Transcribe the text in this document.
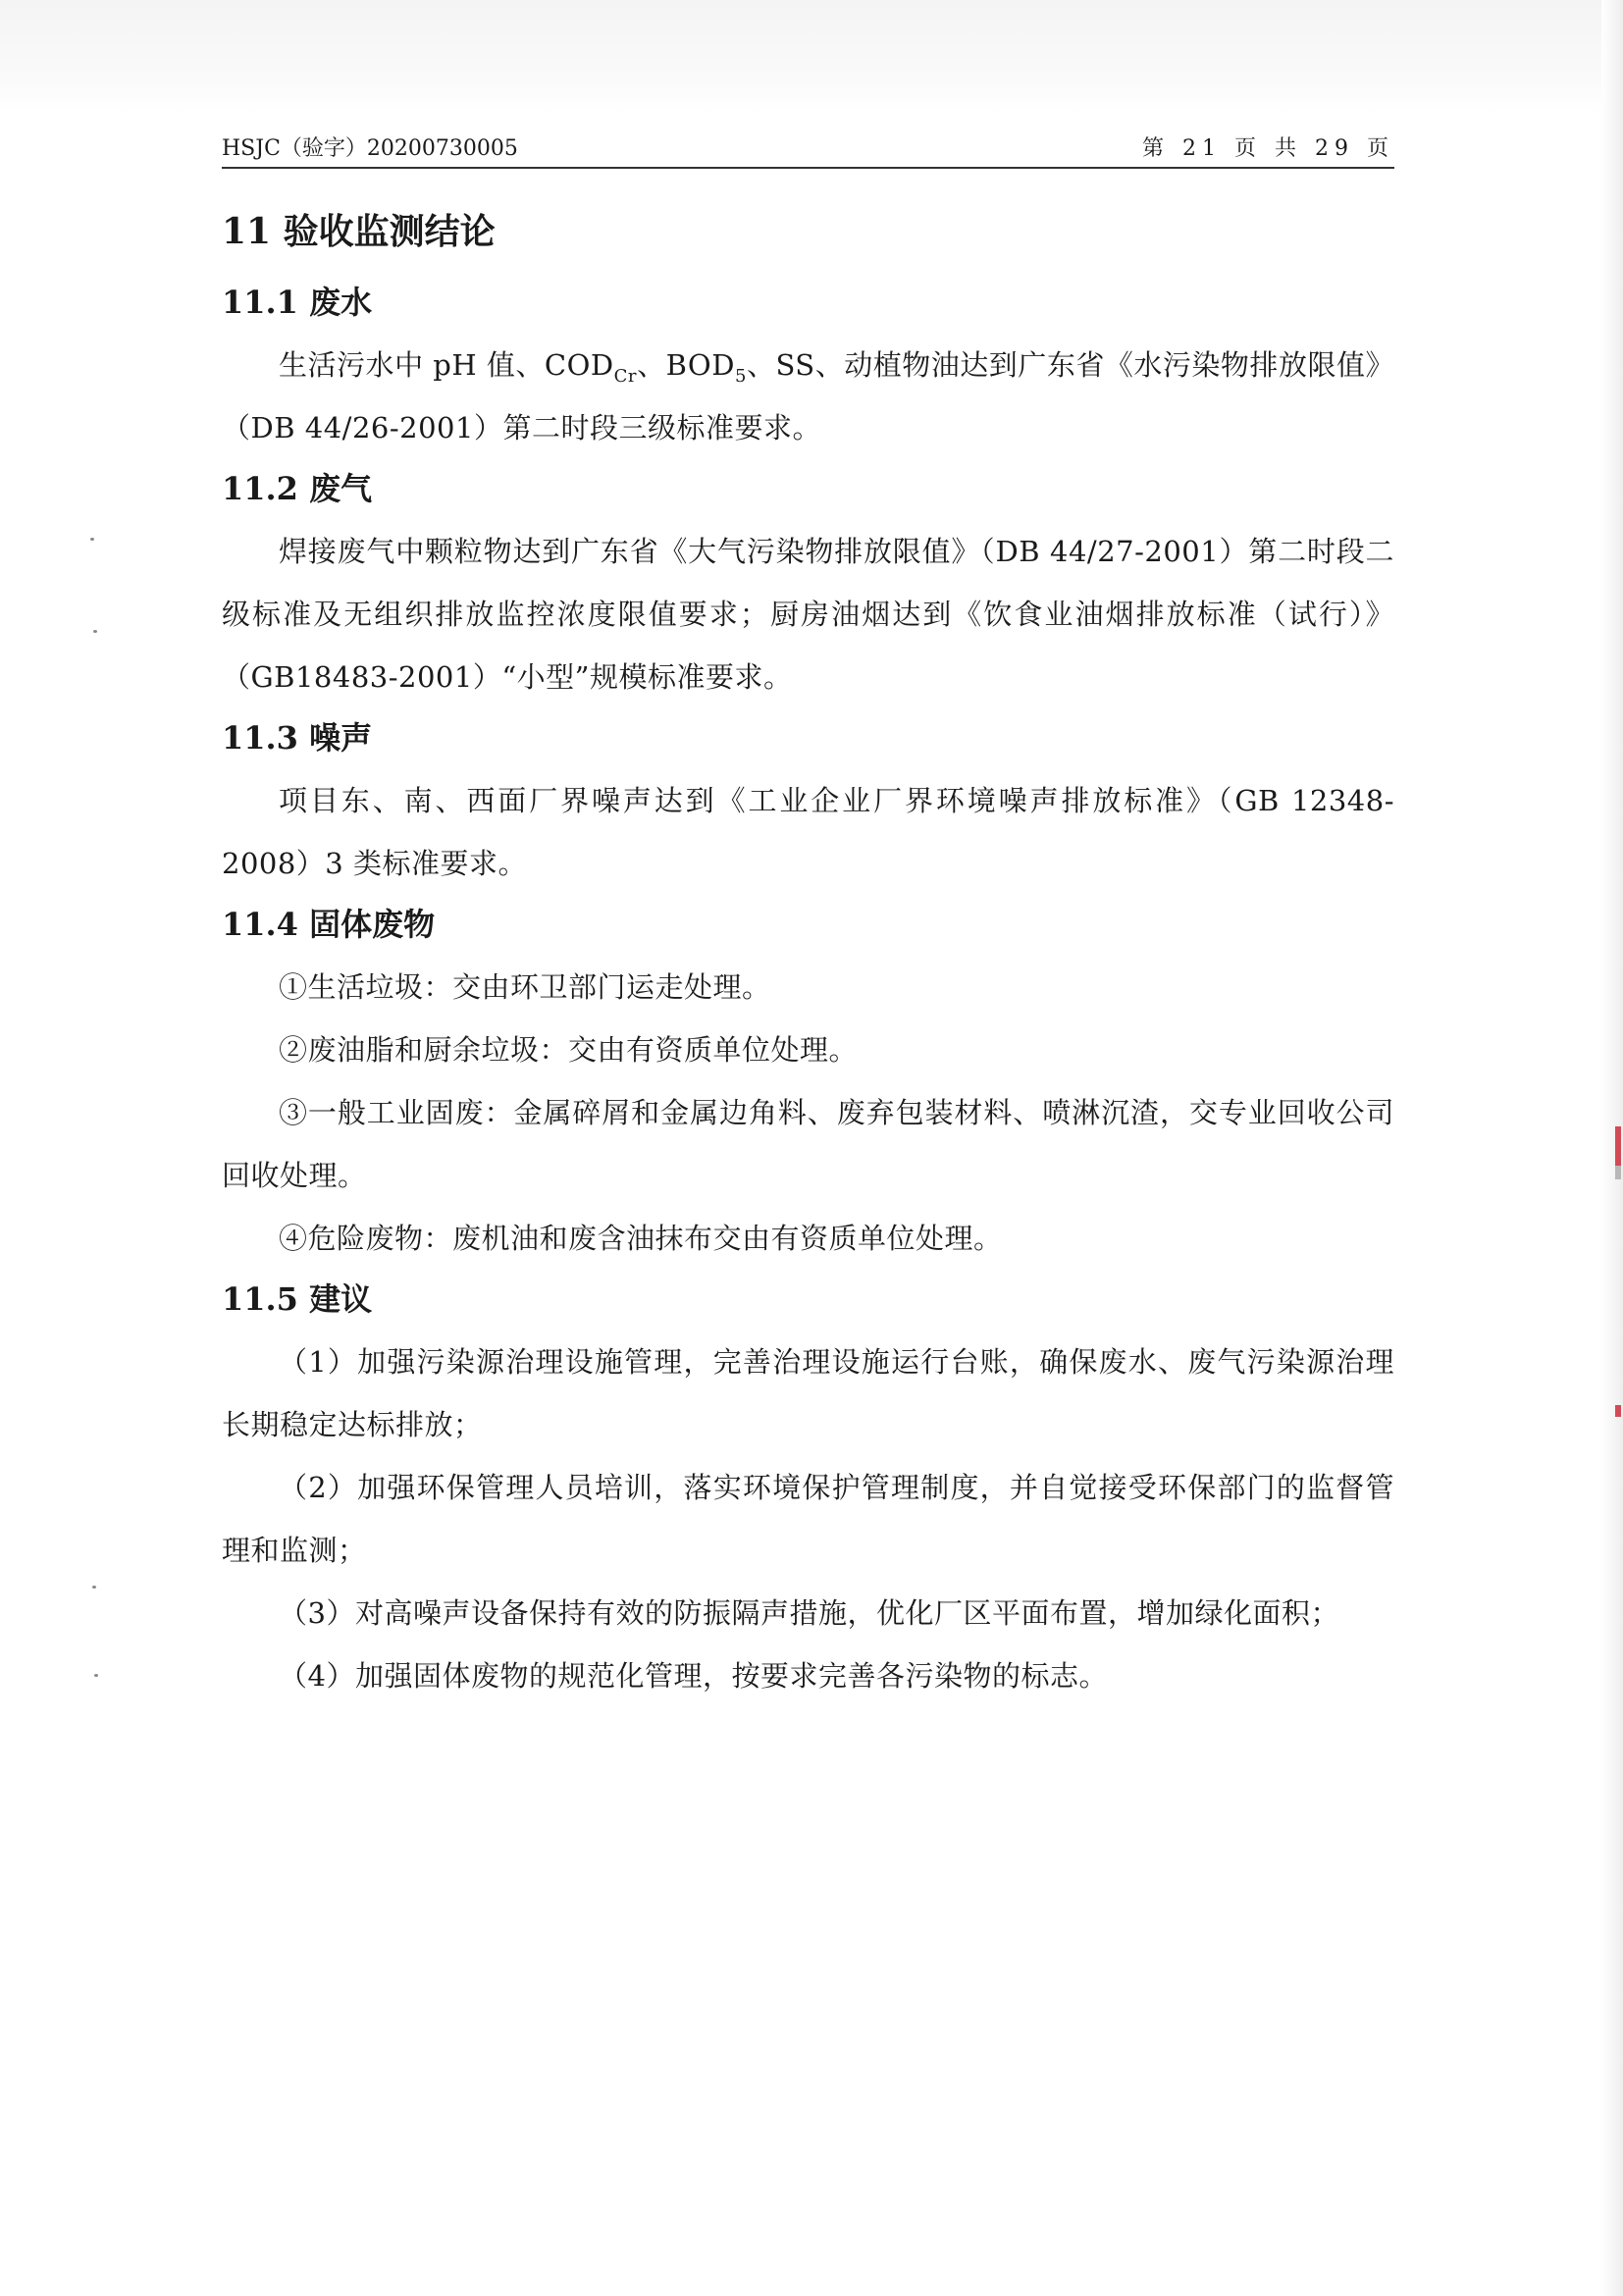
HSJC（验字）20200730005	第 21 页 共 29 页
11 验收监测结论
11.1 废水

生活污水中 pH 值、$COD_{Cr}$、$BOD_5$、SS、动植物油达到广东省《水污染物排放限值》（DB 44/26-2001）第二时段三级标准要求。

11.2 废气

焊接废气中颗粒物达到广东省《大气污染物排放限值》（DB 44/27-2001）第二时段二级标准及无组织排放监控浓度限值要求；厨房油烟达到《饮食业油烟排放标准（试行）》（GB18483-2001）“小型”规模标准要求。

11.3 噪声

项目东、南、西面厂界噪声达到《工业企业厂界环境噪声排放标准》（GB 12348-2008）3 类标准要求。

11.4 固体废物

①生活垃圾：交由环卫部门运走处理。

②废油脂和厨余垃圾：交由有资质单位处理。

③一般工业固废：金属碎屑和金属边角料、废弃包装材料、喷淋沉渣，交专业回收公司回收处理。

④危险废物：废机油和废含油抹布交由有资质单位处理。

11.5 建议

（1）加强污染源治理设施管理，完善治理设施运行台账，确保废水、废气污染源治理长期稳定达标排放；

（2）加强环保管理人员培训，落实环境保护管理制度，并自觉接受环保部门的监督管理和监测；

（3）对高噪声设备保持有效的防振隔声措施，优化厂区平面布置，增加绿化面积；

（4）加强固体废物的规范化管理，按要求完善各污染物的标志。
